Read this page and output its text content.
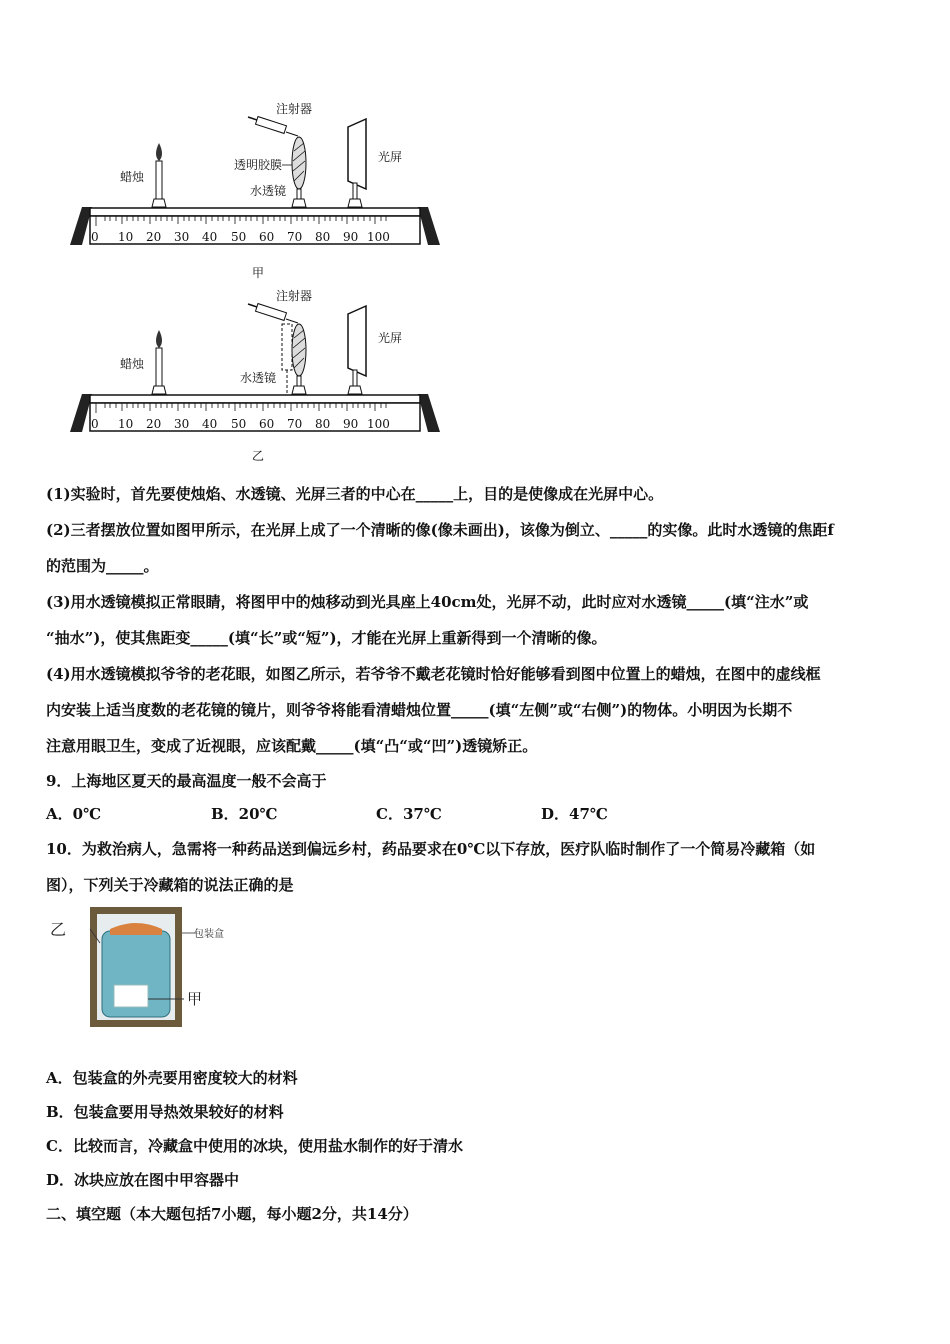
0 10 20 30 40 50 60 70 80 90 100
蜡烛
注射器
透明胶膜
水透镜
光屏
甲
0 10 20 30 40 50 60 70 80 90 100
蜡烛
注射器
水透镜
光屏
乙
(1)实验时，首先要使烛焰、水透镜、光屏三者的中心在_____上，目的是使像成在光屏中心。
(2)三者摆放位置如图甲所示，在光屏上成了一个清晰的像(像未画出)，该像为倒立、_____的实像。此时水透镜的焦距f
的范围为_____。
(3)用水透镜模拟正常眼睛，将图甲中的烛移动到光具座上40cm处，光屏不动，此时应对水透镜_____(填“注水”或
“抽水”)，使其焦距变_____(填“长”或“短”)，才能在光屏上重新得到一个清晰的像。
(4)用水透镜模拟爷爷的老花眼，如图乙所示，若爷爷不戴老花镜时恰好能够看到图中位置上的蜡烛，在图中的虚线框
内安装上适当度数的老花镜的镜片，则爷爷将能看清蜡烛位置_____(填“左侧”或“右侧”)的物体。小明因为长期不
注意用眼卫生，变成了近视眼，应该配戴_____(填“凸“或“凹”)透镜矫正。
9．上海地区夏天的最高温度一般不会高于
A．0℃	B．20℃	C．37℃	D．47℃
10．为救治病人，急需将一种药品送到偏远乡村，药品要求在0℃以下存放，医疗队临时制作了一个简易冷藏箱（如
图），下列关于冷藏箱的说法正确的是
乙	包装盒
甲
A．包装盒的外壳要用密度较大的材料
B．包装盒要用导热效果较好的材料
C．比较而言，冷藏盒中使用的冰块，使用盐水制作的好于清水
D．冰块应放在图中甲容器中
二、填空题（本大题包括7小题，每小题2分，共14分）
